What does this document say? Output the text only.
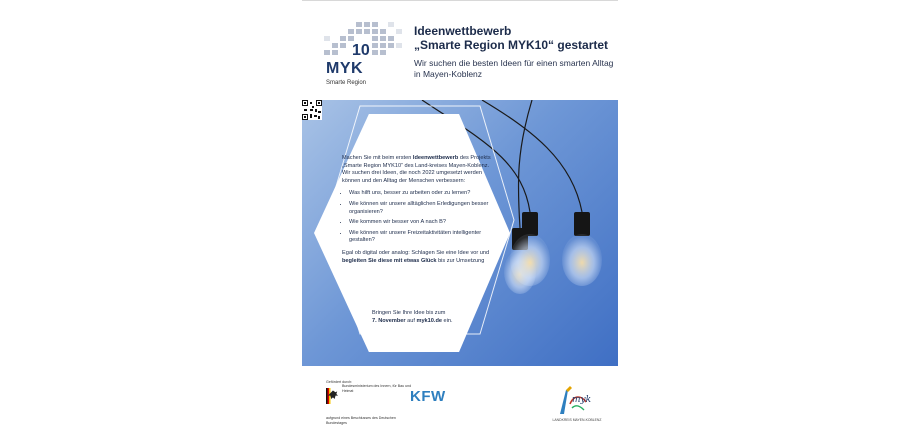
10
MYK
Smarte Region
Ideenwettbewerb
„Smarte Region MYK10“ gestartet
Wir suchen die besten Ideen für einen smarten Alltag in Mayen-Koblenz

Machen Sie mit beim ersten Ideenwettbewerb des Projekts „Smarte Region MYK10“ des Land-kreises Mayen-Koblenz. Wir suchen drei Ideen, die noch 2022 umgesetzt werden können und den Alltag der Menschen verbessern:

• Was hilft uns, besser zu arbeiten oder zu lernen?
• Wie können wir unsere alltäglichen Erledigungen besser organisieren?
• Wie kommen wir besser von A nach B?
• Wie können wir unsere Freizeitaktivitäten intelligenter gestalten?

Egal ob digital oder analog: Schlagen Sie eine Idee vor und begleiten Sie diese mit etwas Glück bis zur Umsetzung

Bringen Sie Ihre Idee bis zum
7. November auf myk10.de ein.
Gefördert durch:
Bundesministerium des Innern, für Bau und Heimat
aufgrund eines Beschlusses des Deutschen Bundestages
KFW	myk
LANDKREIS MAYEN-KOBLENZ
